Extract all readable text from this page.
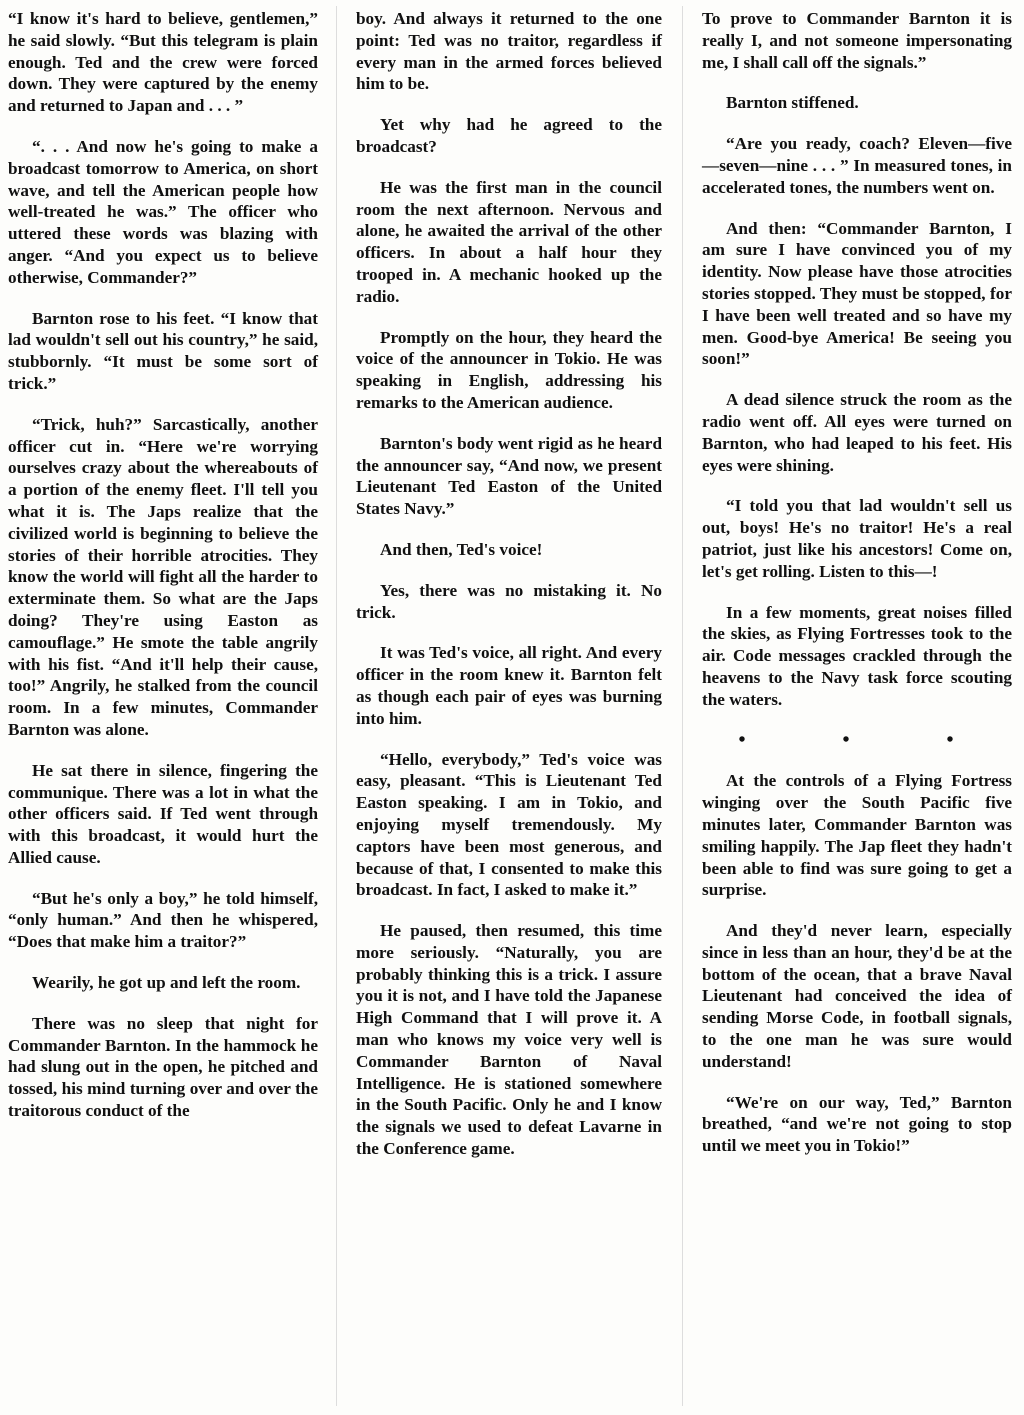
“I know it's hard to believe, gentlemen,” he said slowly. “But this telegram is plain enough. Ted and the crew were forced down. They were captured by the enemy and returned to Japan and . . . ”

“. . . And now he's going to make a broadcast tomorrow to America, on short wave, and tell the American people how well-treated he was.” The officer who uttered these words was blazing with anger. “And you expect us to believe otherwise, Commander?”

Barnton rose to his feet. “I know that lad wouldn't sell out his country,” he said, stubbornly. “It must be some sort of trick.”

“Trick, huh?” Sarcastically, another officer cut in. “Here we're worrying ourselves crazy about the whereabouts of a portion of the enemy fleet. I'll tell you what it is. The Japs realize that the civilized world is beginning to believe the stories of their horrible atrocities. They know the world will fight all the harder to exterminate them. So what are the Japs doing? They're using Easton as camouflage.” He smote the table angrily with his fist. “And it'll help their cause, too!” Angrily, he stalked from the council room. In a few minutes, Commander Barnton was alone.

He sat there in silence, fingering the communique. There was a lot in what the other officers said. If Ted went through with this broadcast, it would hurt the Allied cause.

“But he's only a boy,” he told himself, “only human.” And then he whispered, “Does that make him a traitor?”

Wearily, he got up and left the room.

There was no sleep that night for Commander Barnton. In the hammock he had slung out in the open, he pitched and tossed, his mind turning over and over the traitorous conduct of the

boy. And always it returned to the one point: Ted was no traitor, regardless if every man in the armed forces believed him to be.

Yet why had he agreed to the broadcast?

He was the first man in the council room the next afternoon. Nervous and alone, he awaited the arrival of the other officers. In about a half hour they trooped in. A mechanic hooked up the radio.

Promptly on the hour, they heard the voice of the announcer in Tokio. He was speaking in English, addressing his remarks to the American audience.

Barnton's body went rigid as he heard the announcer say, “And now, we present Lieutenant Ted Easton of the United States Navy.”

And then, Ted's voice!

Yes, there was no mistaking it. No trick.

It was Ted's voice, all right. And every officer in the room knew it. Barnton felt as though each pair of eyes was burning into him.

“Hello, everybody,” Ted's voice was easy, pleasant. “This is Lieutenant Ted Easton speaking. I am in Tokio, and enjoying myself tremendously. My captors have been most generous, and because of that, I consented to make this broadcast. In fact, I asked to make it.”

He paused, then resumed, this time more seriously. “Naturally, you are probably thinking this is a trick. I assure you it is not, and I have told the Japanese High Command that I will prove it. A man who knows my voice very well is Commander Barnton of Naval Intelligence. He is stationed somewhere in the South Pacific. Only he and I know the signals we used to defeat Lavarne in the Conference game.

To prove to Commander Barnton it is really I, and not someone impersonating me, I shall call off the signals.”

Barnton stiffened.

“Are you ready, coach? Eleven—five—seven—nine . . . ” In measured tones, in accelerated tones, the numbers went on.

And then: “Commander Barnton, I am sure I have convinced you of my identity. Now please have those atrocities stories stopped. They must be stopped, for I have been well treated and so have my men. Good-bye America! Be seeing you soon!”

A dead silence struck the room as the radio went off. All eyes were turned on Barnton, who had leaped to his feet. His eyes were shining.

“I told you that lad wouldn't sell us out, boys! He's no traitor! He's a real patriot, just like his ancestors! Come on, let's get rolling. Listen to this—!

In a few moments, great noises filled the skies, as Flying Fortresses took to the air. Code messages crackled through the heavens to the Navy task force scouting the waters.

• • •

At the controls of a Flying Fortress winging over the South Pacific five minutes later, Commander Barnton was smiling happily. The Jap fleet they hadn't been able to find was sure going to get a surprise.

And they'd never learn, especially since in less than an hour, they'd be at the bottom of the ocean, that a brave Naval Lieutenant had conceived the idea of sending Morse Code, in football signals, to the one man he was sure would understand!

“We're on our way, Ted,” Barnton breathed, “and we're not going to stop until we meet you in Tokio!”
